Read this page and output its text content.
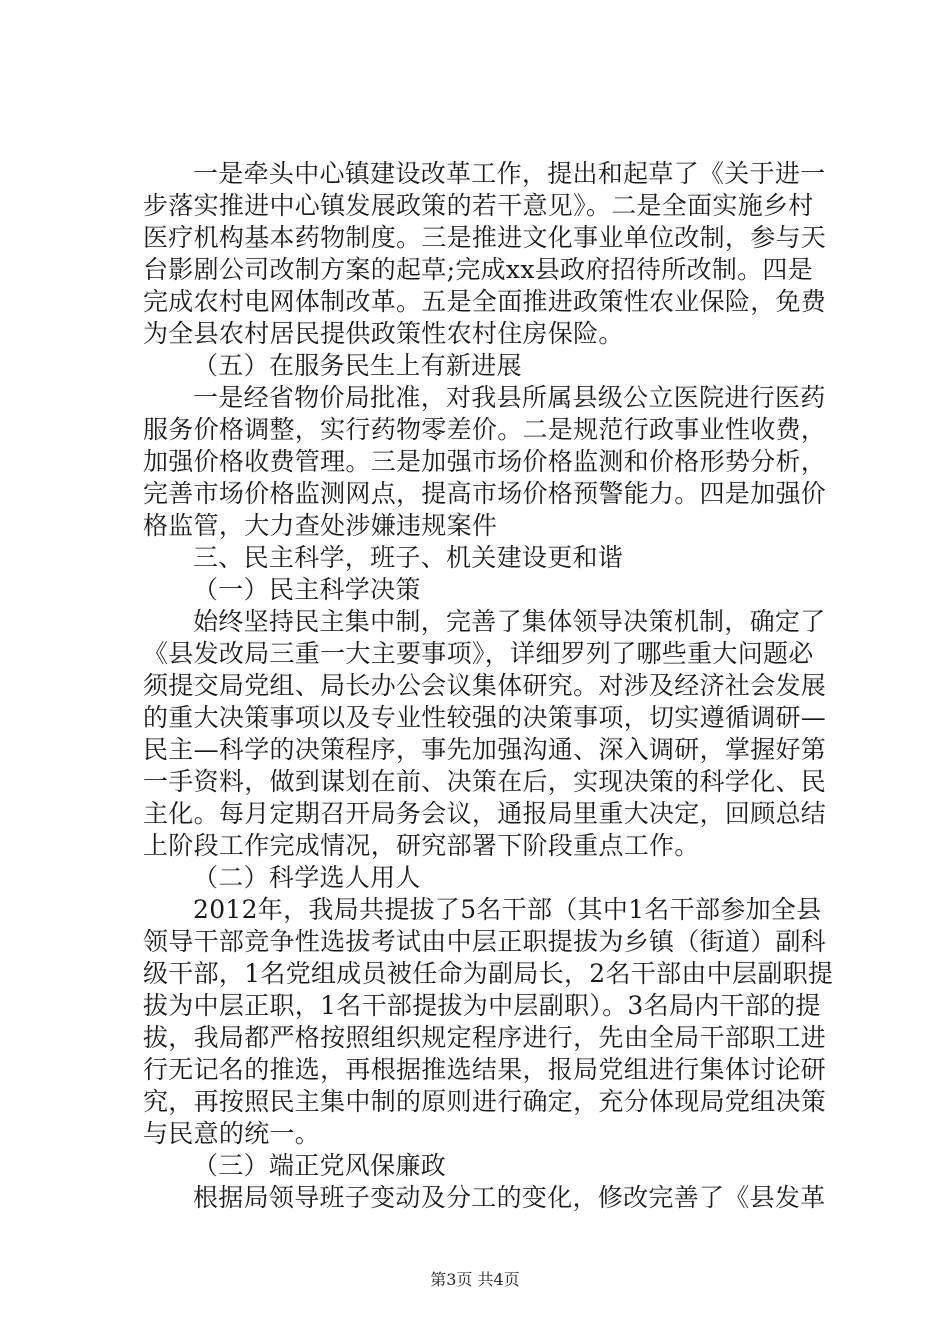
一是牵头中心镇建设改革工作，提出和起草了《关于进一
步落实推进中心镇发展政策的若干意见》。二是全面实施乡村
医疗机构基本药物制度。三是推进文化事业单位改制，参与天
台影剧公司改制方案的起草;完成xx县政府招待所改制。四是
完成农村电网体制改革。五是全面推进政策性农业保险，免费
为全县农村居民提供政策性农村住房保险。
（五）在服务民生上有新进展
一是经省物价局批准，对我县所属县级公立医院进行医药
服务价格调整，实行药物零差价。二是规范行政事业性收费，
加强价格收费管理。三是加强市场价格监测和价格形势分析，
完善市场价格监测网点，提高市场价格预警能力。四是加强价
格监管，大力查处涉嫌违规案件
三、民主科学，班子、机关建设更和谐
（一）民主科学决策
始终坚持民主集中制，完善了集体领导决策机制，确定了
《县发改局三重一大主要事项》，详细罗列了哪些重大问题必
须提交局党组、局长办公会议集体研究。对涉及经济社会发展
的重大决策事项以及专业性较强的决策事项，切实遵循调研—
民主—科学的决策程序，事先加强沟通、深入调研，掌握好第
一手资料，做到谋划在前、决策在后，实现决策的科学化、民
主化。每月定期召开局务会议，通报局里重大决定，回顾总结
上阶段工作完成情况，研究部署下阶段重点工作。
（二）科学选人用人
2012年，我局共提拔了5名干部（其中1名干部参加全县
领导干部竞争性选拔考试由中层正职提拔为乡镇（街道）副科
级干部，1名党组成员被任命为副局长，2名干部由中层副职提
拔为中层正职，1名干部提拔为中层副职）。3名局内干部的提
拔，我局都严格按照组织规定程序进行，先由全局干部职工进
行无记名的推选，再根据推选结果，报局党组进行集体讨论研
究，再按照民主集中制的原则进行确定，充分体现局党组决策
与民意的统一。
（三）端正党风保廉政
根据局领导班子变动及分工的变化，修改完善了《县发革
第3页 共4页
